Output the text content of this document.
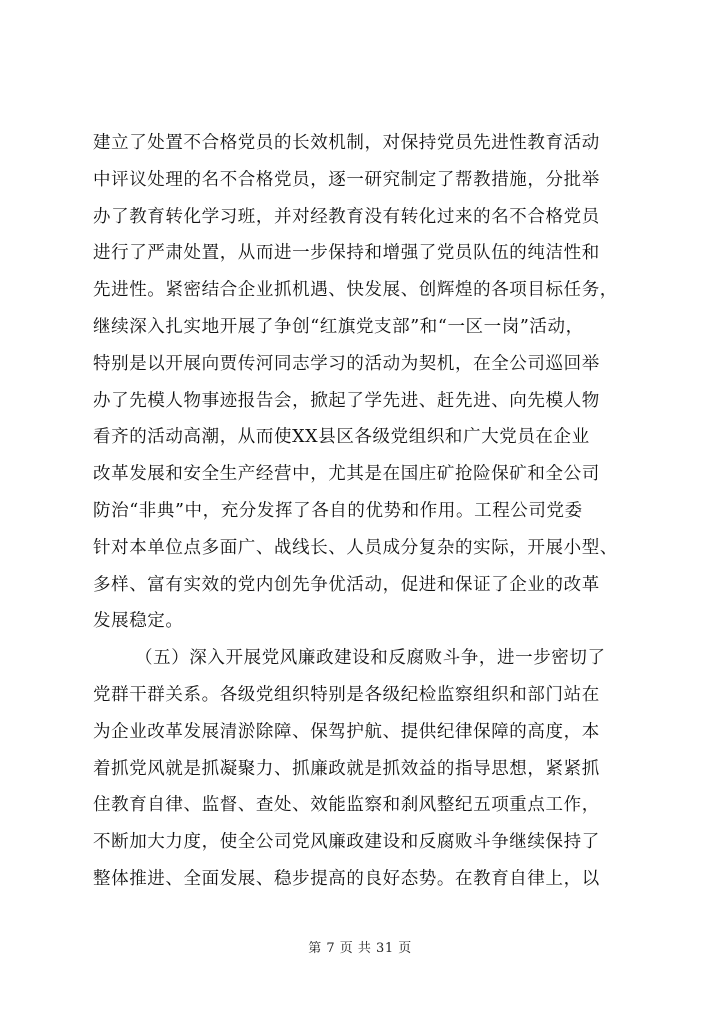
建立了处置不合格党员的长效机制，对保持党员先进性教育活动
中评议处理的名不合格党员，逐一研究制定了帮教措施，分批举
办了教育转化学习班，并对经教育没有转化过来的名不合格党员
进行了严肃处置，从而进一步保持和增强了党员队伍的纯洁性和
先进性。紧密结合企业抓机遇、快发展、创辉煌的各项目标任务，
继续深入扎实地开展了争创“红旗党支部”和“一区一岗”活动，
特别是以开展向贾传河同志学习的活动为契机，在全公司巡回举
办了先模人物事迹报告会，掀起了学先进、赶先进、向先模人物
看齐的活动高潮，从而使XX县区各级党组织和广大党员在企业
改革发展和安全生产经营中，尤其是在国庄矿抢险保矿和全公司
防治“非典”中，充分发挥了各自的优势和作用。工程公司党委
针对本单位点多面广、战线长、人员成分复杂的实际，开展小型、
多样、富有实效的党内创先争优活动，促进和保证了企业的改革
发展稳定。
（五）深入开展党风廉政建设和反腐败斗争，进一步密切了
党群干群关系。各级党组织特别是各级纪检监察组织和部门站在
为企业改革发展清淤除障、保驾护航、提供纪律保障的高度，本
着抓党风就是抓凝聚力、抓廉政就是抓效益的指导思想，紧紧抓
住教育自律、监督、查处、效能监察和刹风整纪五项重点工作，
不断加大力度，使全公司党风廉政建设和反腐败斗争继续保持了
整体推进、全面发展、稳步提高的良好态势。在教育自律上，以
第 7 页 共 31 页
